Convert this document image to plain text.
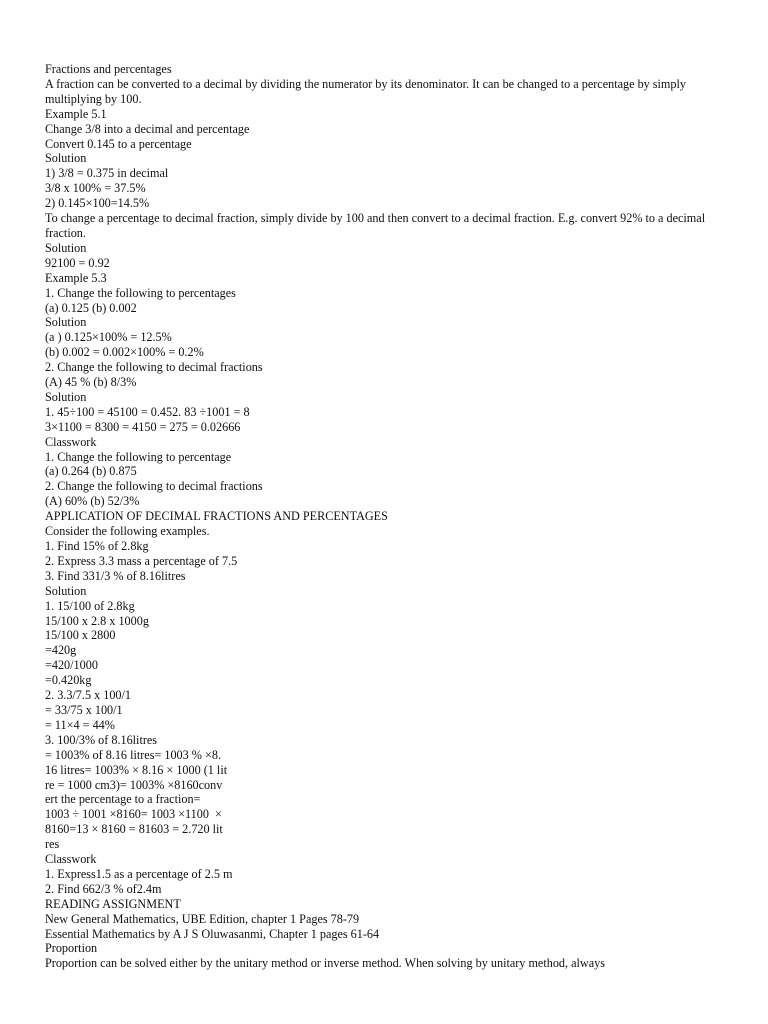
Fractions and percentages

A fraction can be converted to a decimal by dividing the numerator by its denominator. It can be changed to a percentage by simply multiplying by 100.

Example 5.1

Change 3/8 into a decimal and percentage

Convert 0.145 to a percentage

Solution

1) 3/8 = 0.375 in decimal

3/8 x 100% = 37.5%

2) 0.145×100=14.5%

To change a percentage to decimal fraction, simply divide by 100 and then convert to a decimal fraction. E.g. convert 92% to a decimal fraction.

Solution

92100 = 0.92

Example 5.3

1. Change the following to percentages

(a) 0.125 (b) 0.002

Solution

(a ) 0.125×100% = 12.5%

(b) 0.002 = 0.002×100% = 0.2%

2. Change the following to decimal fractions

(A) 45 % (b) 8/3%

Solution

1. 45÷100 = 45100 = 0.452. 83 ÷1001 = 8

3×1100 = 8300 = 4150 = 275 = 0.02666

Classwork

1. Change the following to percentage

(a) 0.264 (b) 0.875

2. Change the following to decimal fractions

(A) 60% (b) 52/3%

APPLICATION OF DECIMAL FRACTIONS AND PERCENTAGES

Consider the following examples.

1. Find 15% of 2.8kg

2. Express 3.3 mass a percentage of 7.5

3. Find 331/3 % of 8.16litres

Solution

1. 15/100 of 2.8kg

15/100 x 2.8 x 1000g

15/100 x 2800

=420g

=420/1000

=0.420kg

2. 3.3/7.5 x 100/1

= 33/75 x 100/1

= 11×4 = 44%

3. 100/3% of 8.16litres

= 1003% of 8.16 litres= 1003 % ×8.

16 litres= 1003% × 8.16 × 1000 (1 lit

re = 1000 cm3)= 1003% ×8160conv

ert the percentage to a fraction=

1003 ÷ 1001 ×8160= 1003 ×1100  ×

8160=13 × 8160 = 81603 = 2.720 lit

res

Classwork

1. Express1.5 as a percentage of 2.5 m

2. Find 662/3 % of2.4m

READING ASSIGNMENT

New General Mathematics, UBE Edition, chapter 1 Pages 78-79

Essential Mathematics by A J S Oluwasanmi, Chapter 1 pages 61-64

Proportion

Proportion can be solved either by the unitary method or inverse method. When solving by unitary method, always
